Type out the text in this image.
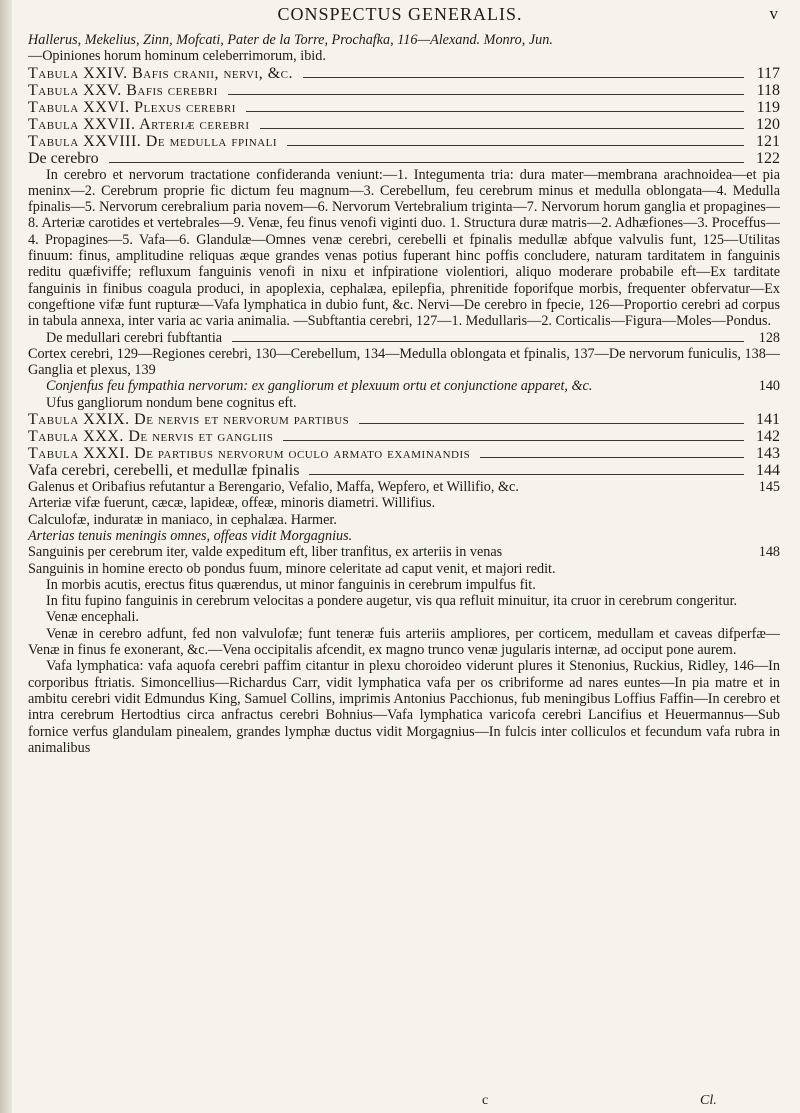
CONSPECTUS GENERALIS.	v
Hallerus, Mekelius, Zinn, Mofcati, Pater de la Torre, Prochafka, 116—Alexand. Monro, Jun.
—Opiniones horum hominum celeberrimorum, ibid.
Tabula XXIV. Bafis cranii, nervi, &c.	117
Tabula XXV. Bafis cerebri	118
Tabula XXVI. Plexus cerebri	119
Tabula XXVII. Arteriæ cerebri	120
Tabula XXVIII. De medulla fpinali	121
De cerebro	122

In cerebro et nervorum tractatione confideranda veniunt:—1. Integumenta tria: dura mater—membrana arachnoidea—et pia meninx—2. Cerebrum proprie fic dictum feu magnum—3. Cerebellum, feu cerebrum minus et medulla oblongata—4. Medulla fpinalis—5. Nervorum cerebralium paria novem—6. Nervorum Vertebralium triginta—7. Nervorum horum ganglia et propagines—8. Arteriæ carotides et vertebrales—9. Venæ, feu finus venofi viginti duo. 1. Structura duræ matris—2. Adhæfiones—3. Proceffus—4. Propagines—5. Vafa—6. Glandulæ—Omnes venæ cerebri, cerebelli et fpinalis medullæ abfque valvulis funt, 125—Utilitas finuum: finus, amplitudine reliquas æque grandes venas potius fuperant hinc poffis concludere, naturam tarditatem in fanguinis reditu quæfiviffe; refluxum fanguinis venofi in nixu et infpiratione violentiori, aliquo moderare probabile eft—Ex tarditate fanguinis in finibus coagula produci, in apoplexia, cephalæa, epilepfia, phrenitide foporifque morbis, frequenter obfervatur—Ex congeftione vifæ funt rupturæ—Vafa lymphatica in dubio funt, &c. Nervi—De cerebro in fpecie, 126—Proportio cerebri ad corpus in tabula annexa, inter varia ac varia animalia. —Subftantia cerebri, 127—1. Medullaris—2. Corticalis—Figura—Moles—Pondus.

De medullari cerebri fubftantia	128

Cortex cerebri, 129—Regiones cerebri, 130—Cerebellum, 134—Medulla oblongata et fpinalis, 137—De nervorum funiculis, 138—Ganglia et plexus, 139

Conjenfus feu fympathia nervorum: ex gangliorum et plexuum ortu et conjunctione apparet, &c.	140
Ufus gangliorum nondum bene cognitus eft.
Tabula XXIX. De nervis et nervorum partibus	141
Tabula XXX. De nervis et gangliis	142
Tabula XXXI. De partibus nervorum oculo armato examinandis	143
Vafa cerebri, cerebelli, et medullæ fpinalis	144
Galenus et Oribafius refutantur a Berengario, Vefalio, Maffa, Wepfero, et Willifio, &c.	145

Arteriæ vifæ fuerunt, cæcæ, lapideæ, offeæ, minoris diametri. Willifius.

Calculofæ, induratæ in maniaco, in cephalæa. Harmer.

Arterias tenuis meningis omnes, offeas vidit Morgagnius.

Sanguinis per cerebrum iter, valde expeditum eft, liber tranfitus, ex arteriis in venas	148

Sanguinis in homine erecto ob pondus fuum, minore celeritate ad caput venit, et majori redit.

In morbis acutis, erectus fitus quærendus, ut minor fanguinis in cerebrum impulfus fit.

In fitu fupino fanguinis in cerebrum velocitas a pondere augetur, vis qua refluit minuitur, ita cruor in cerebrum congeritur.

Venæ encephali.

Venæ in cerebro adfunt, fed non valvulofæ; funt teneræ fuis arteriis ampliores, per corticem, medullam et caveas difperfæ—Venæ in finus fe exonerant, &c.—Vena occipitalis afcendit, ex magno trunco venæ jugularis internæ, ad occiput pone aurem.

Vafa lymphatica: vafa aquofa cerebri paffim citantur in plexu choroideo viderunt plures it Stenonius, Ruckius, Ridley, 146—In corporibus ftriatis. Simoncellius—Richardus Carr, vidit lymphatica vafa per os cribriforme ad nares euntes—In pia matre et in ambitu cerebri vidit Edmundus King, Samuel Collins, imprimis Antonius Pacchionus, fub meningibus Loffius Faffin—In cerebro et intra cerebrum Hertodtius circa anfractus cerebri Bohnius—Vafa lymphatica varicofa cerebri Lancifius et Heuermannus—Sub fornice verfus glandulam pinealem, grandes lymphæ ductus vidit Morgagnius—In fulcis inter colliculos et fecundum vafa rubra in animalibus

c	Cl.
